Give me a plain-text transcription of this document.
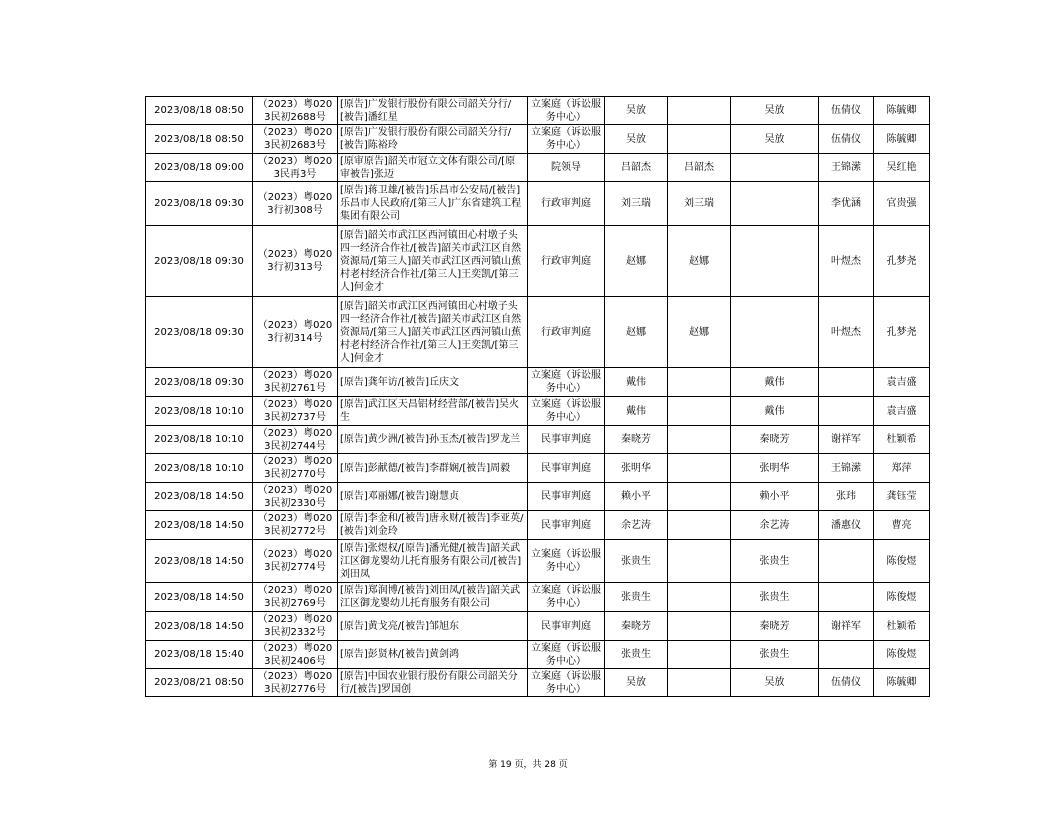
2023/08/18 08:50	（2023）粤0203民初2688号	[原告]广发银行股份有限公司韶关分行/[被告]潘红星	立案庭（诉讼服务中心）	吴放		吴放	伍倩仪	陈毓卿
2023/08/18 08:50	（2023）粤0203民初2683号	[原告]广发银行股份有限公司韶关分行/[被告]陈裕玲	立案庭（诉讼服务中心）	吴放		吴放	伍倩仪	陈毓卿
2023/08/18 09:00	（2023）粤0203民再3号	[原审原告]韶关市冠立文体有限公司/[原审被告]张迈	院领导	吕韶杰	吕韶杰		王锦潆	吴红艳
2023/08/18 09:30	（2023）粤0203行初308号	[原告]蒋卫雄/[被告]乐昌市公安局/[被告]乐昌市人民政府/[第三人]广东省建筑工程集团有限公司	行政审判庭	刘三瑞	刘三瑞		李优涵	官贵强
2023/08/18 09:30	（2023）粤0203行初313号	[原告]韶关市武江区西河镇田心村墩子头四一经济合作社/[被告]韶关市武江区自然资源局/[第三人]韶关市武江区西河镇山蕉村老村经济合作社/[第三人]王奕凯/[第三人]何金才	行政审判庭	赵娜	赵娜		叶煜杰	孔梦尧
2023/08/18 09:30	（2023）粤0203行初314号	[原告]韶关市武江区西河镇田心村墩子头四一经济合作社/[被告]韶关市武江区自然资源局/[第三人]韶关市武江区西河镇山蕉村老村经济合作社/[第三人]王奕凯/[第三人]何金才	行政审判庭	赵娜	赵娜		叶煜杰	孔梦尧
2023/08/18 09:30	（2023）粤0203民初2761号	[原告]龚年访/[被告]丘庆文	立案庭（诉讼服务中心）	戴伟		戴伟		袁吉盛
2023/08/18 10:10	（2023）粤0203民初2737号	[原告]武江区天昌铝材经营部/[被告]吴火生	立案庭（诉讼服务中心）	戴伟		戴伟		袁吉盛
2023/08/18 10:10	（2023）粤0203民初2744号	[原告]黄少洲/[被告]孙玉杰/[被告]罗龙兰	民事审判庭	秦晓芳		秦晓芳	谢祥军	杜颖希
2023/08/18 10:10	（2023）粤0203民初2770号	[原告]彭献德/[被告]李群娴/[被告]周毅	民事审判庭	张明华		张明华	王锦潆	郑萍
2023/08/18 14:50	（2023）粤0203民初2330号	[原告]邓丽娜/[被告]谢慧贞	民事审判庭	赖小平		赖小平	张玮	龚钰莹
2023/08/18 14:50	（2023）粤0203民初2772号	[原告]李金和/[被告]唐永财/[被告]李亚英/[被告]刘金玲	民事审判庭	余艺涛		余艺涛	潘惠仪	曹亮
2023/08/18 14:50	（2023）粤0203民初2774号	[原告]张煜权/[原告]潘光健/[被告]韶关武江区御龙婴幼儿托育服务有限公司/[被告]刘田凤	立案庭（诉讼服务中心）	张贵生		张贵生		陈俊煜
2023/08/18 14:50	（2023）粤0203民初2769号	[原告]郑润博/[被告]刘田凤/[被告]韶关武江区御龙婴幼儿托育服务有限公司	立案庭（诉讼服务中心）	张贵生		张贵生		陈俊煜
2023/08/18 14:50	（2023）粤0203民初2332号	[原告]黄戈亮/[被告]邹旭东	民事审判庭	秦晓芳		秦晓芳	谢祥军	杜颖希
2023/08/18 15:40	（2023）粤0203民初2406号	[原告]彭贤林/[被告]黄剑鸿	立案庭（诉讼服务中心）	张贵生		张贵生		陈俊煜
2023/08/21 08:50	（2023）粤0203民初2776号	[原告]中国农业银行股份有限公司韶关分行/[被告]罗国创	立案庭（诉讼服务中心）	吴放		吴放	伍倩仪	陈毓卿
第 19 页，共 28 页
